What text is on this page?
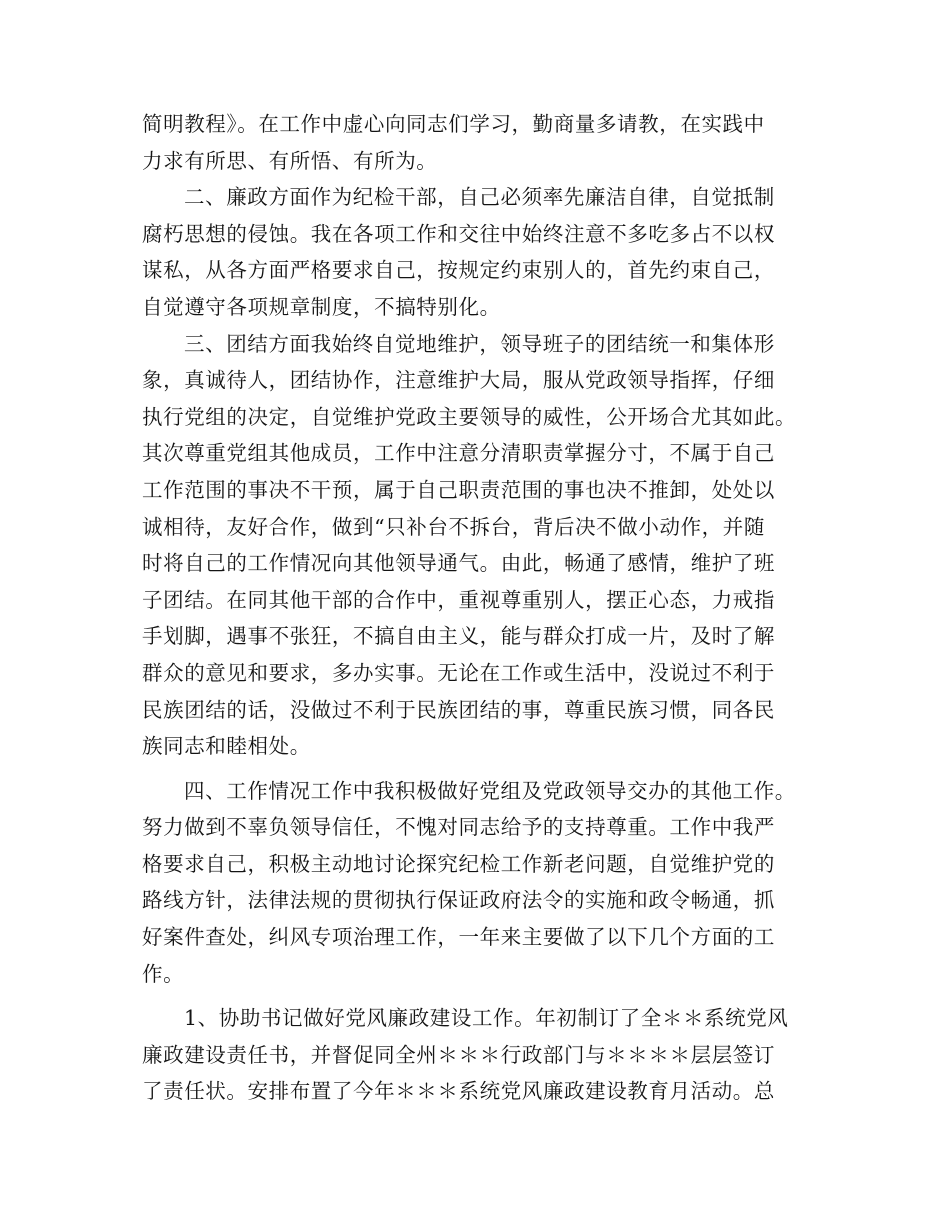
简明教程》。在工作中虚心向同志们学习，勤商量多请教，在实践中
力求有所思、有所悟、有所为。
二、廉政方面作为纪检干部，自己必须率先廉洁自律，自觉抵制
腐朽思想的侵蚀。我在各项工作和交往中始终注意不多吃多占不以权
谋私，从各方面严格要求自己，按规定约束别人的，首先约束自己，
自觉遵守各项规章制度，不搞特别化。
三、团结方面我始终自觉地维护，领导班子的团结统一和集体形
象，真诚待人，团结协作，注意维护大局，服从党政领导指挥，仔细
执行党组的决定，自觉维护党政主要领导的威性，公开场合尤其如此。
其次尊重党组其他成员，工作中注意分清职责掌握分寸，不属于自己
工作范围的事决不干预，属于自己职责范围的事也决不推卸，处处以
诚相待，友好合作，做到“只补台不拆台，背后决不做小动作，并随
时将自己的工作情况向其他领导通气。由此，畅通了感情，维护了班
子团结。在同其他干部的合作中，重视尊重别人，摆正心态，力戒指
手划脚，遇事不张狂，不搞自由主义，能与群众打成一片，及时了解
群众的意见和要求，多办实事。无论在工作或生活中，没说过不利于
民族团结的话，没做过不利于民族团结的事，尊重民族习惯，同各民
族同志和睦相处。
四、工作情况工作中我积极做好党组及党政领导交办的其他工作。
努力做到不辜负领导信任，不愧对同志给予的支持尊重。工作中我严
格要求自己，积极主动地讨论探究纪检工作新老问题，自觉维护党的
路线方针，法律法规的贯彻执行保证政府法令的实施和政令畅通，抓
好案件查处，纠风专项治理工作，一年来主要做了以下几个方面的工
作。
1、协助书记做好党风廉政建设工作。年初制订了全＊＊系统党风
廉政建设责任书，并督促同全州＊＊＊行政部门与＊＊＊＊层层签订
了责任状。安排布置了今年＊＊＊系统党风廉政建设教育月活动。总
